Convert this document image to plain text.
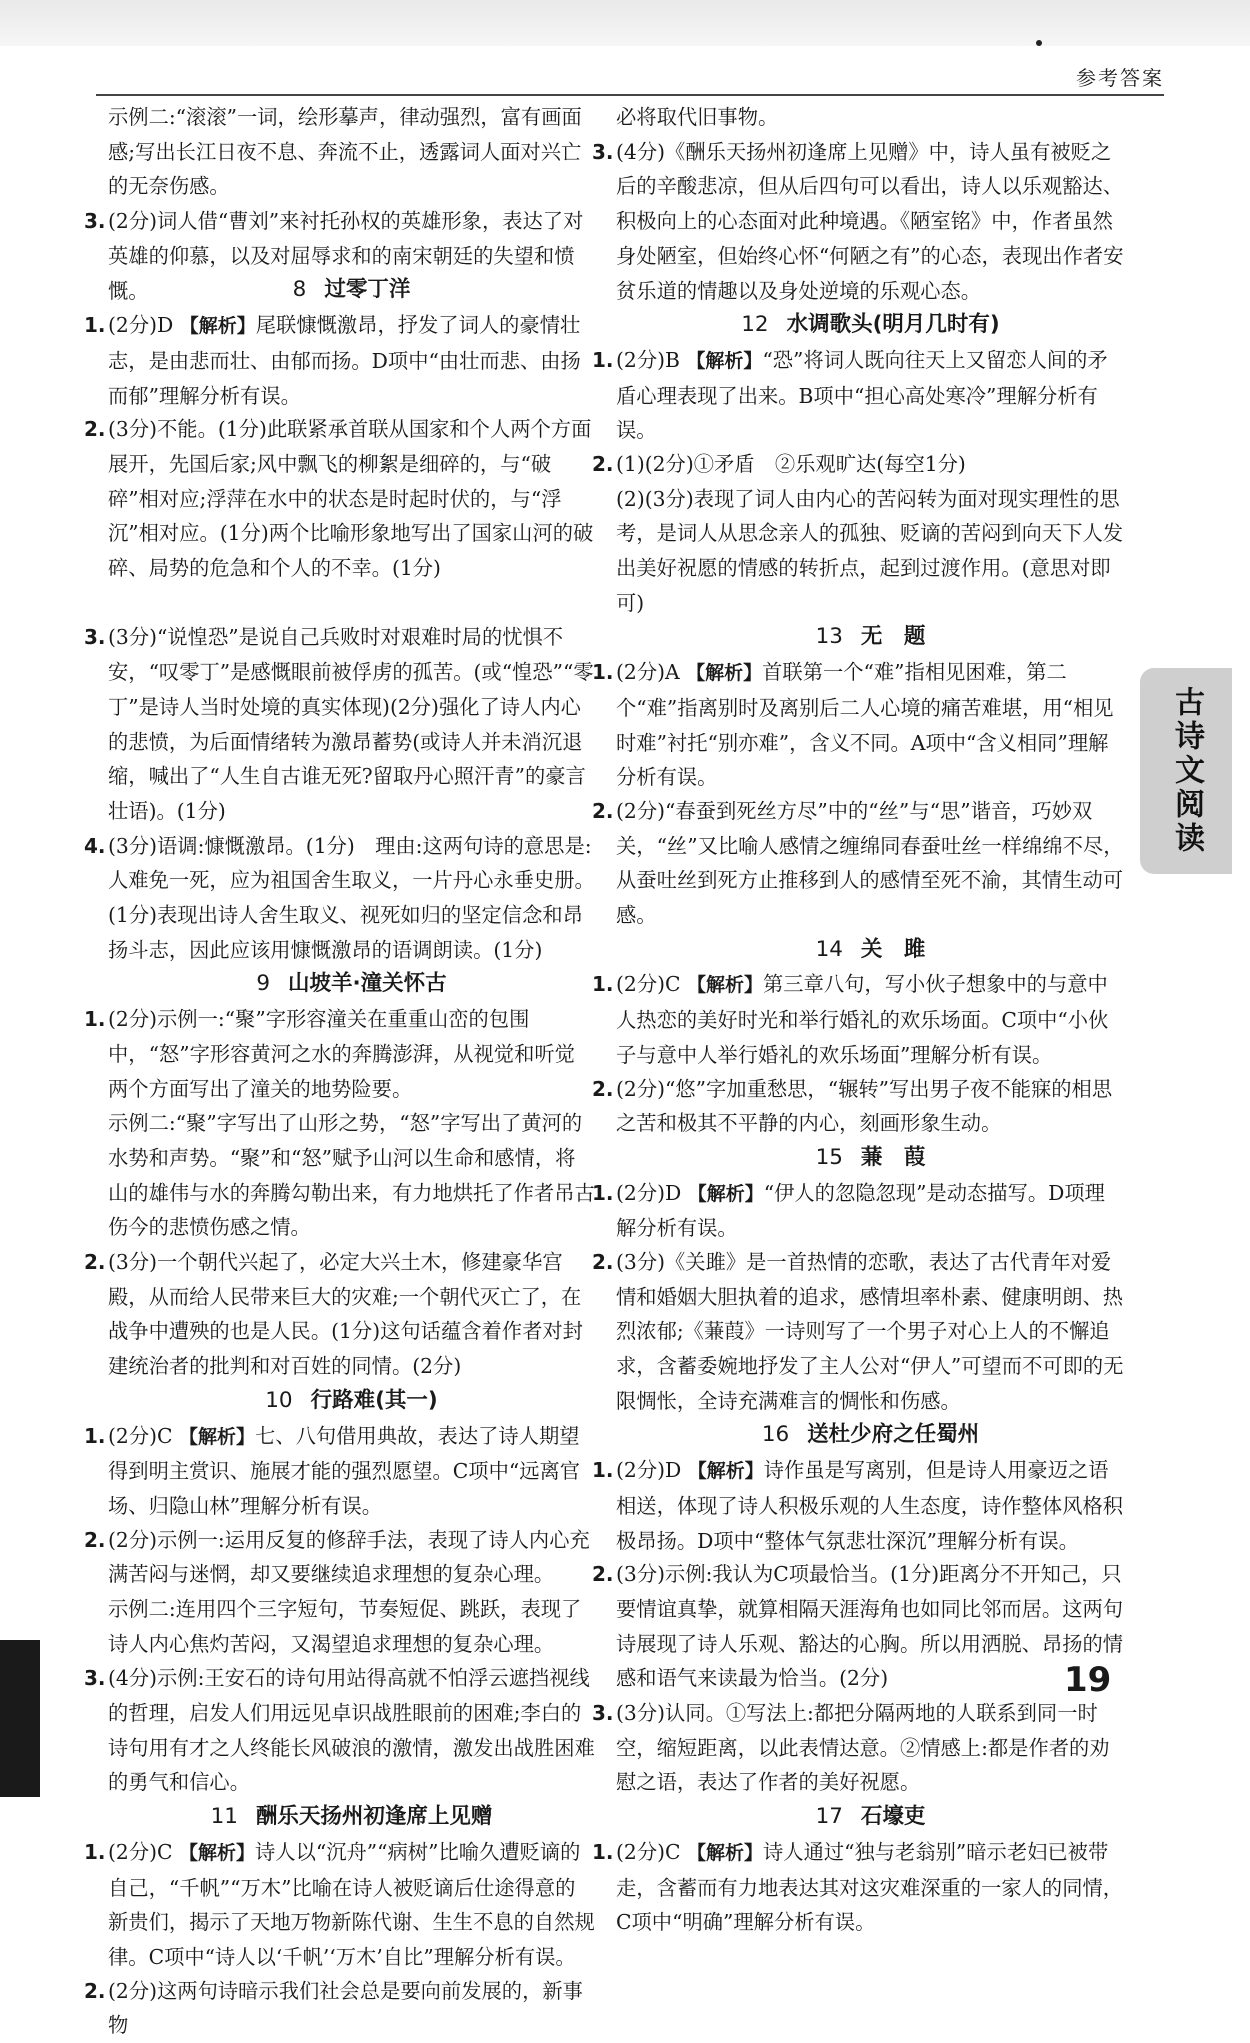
参考答案
示例二:“滚滚”一词，绘形摹声，律动强烈，富有画面感;写出长江日夜不息、奔流不止，透露词人面对兴亡的无奈伤感。
3. (2分)词人借“曹刘”来衬托孙权的英雄形象，表达了对英雄的仰慕，以及对屈辱求和的南宋朝廷的失望和愤慨。	8 过零丁洋
1. (2分)D 【解析】尾联慷慨激昂，抒发了词人的豪情壮志，是由悲而壮、由郁而扬。D项中“由壮而悲、由扬而郁”理解分析有误。
2. (3分)不能。(1分)此联紧承首联从国家和个人两个方面展开，先国后家;风中飘飞的柳絮是细碎的，与“破碎”相对应;浮萍在水中的状态是时起时伏的，与“浮沉”相对应。(1分)两个比喻形象地写出了国家山河的破碎、局势的危急和个人的不幸。(1分)
3. (3分)“说惶恐”是说自己兵败时对艰难时局的忧惧不安，“叹零丁”是感慨眼前被俘虏的孤苦。(或“惶恐”“零丁”是诗人当时处境的真实体现)(2分)强化了诗人内心的悲愤，为后面情绪转为激昂蓄势(或诗人并未消沉退缩，喊出了“人生自古谁无死?留取丹心照汗青”的豪言壮语)。(1分)
4. (3分)语调:慷慨激昂。(1分)　理由:这两句诗的意思是:人难免一死，应为祖国舍生取义，一片丹心永垂史册。(1分)表现出诗人舍生取义、视死如归的坚定信念和昂扬斗志，因此应该用慷慨激昂的语调朗读。(1分)
9 山坡羊·潼关怀古
1. (2分)示例一:“聚”字形容潼关在重重山峦的包围中，“怒”字形容黄河之水的奔腾澎湃，从视觉和听觉两个方面写出了潼关的地势险要。
示例二:“聚”字写出了山形之势，“怒”字写出了黄河的水势和声势。“聚”和“怒”赋予山河以生命和感情，将山的雄伟与水的奔腾勾勒出来，有力地烘托了作者吊古伤今的悲愤伤感之情。
2. (3分)一个朝代兴起了，必定大兴土木，修建豪华宫殿，从而给人民带来巨大的灾难;一个朝代灭亡了，在战争中遭殃的也是人民。(1分)这句话蕴含着作者对封建统治者的批判和对百姓的同情。(2分)
10 行路难(其一)
1. (2分)C 【解析】七、八句借用典故，表达了诗人期望得到明主赏识、施展才能的强烈愿望。C项中“远离官场、归隐山林”理解分析有误。
2. (2分)示例一:运用反复的修辞手法，表现了诗人内心充满苦闷与迷惘，却又要继续追求理想的复杂心理。
示例二:连用四个三字短句，节奏短促、跳跃，表现了诗人内心焦灼苦闷，又渴望追求理想的复杂心理。
3. (4分)示例:王安石的诗句用站得高就不怕浮云遮挡视线的哲理，启发人们用远见卓识战胜眼前的困难;李白的诗句用有才之人终能长风破浪的激情，激发出战胜困难的勇气和信心。
11 酬乐天扬州初逢席上见赠
1. (2分)C 【解析】诗人以“沉舟”“病树”比喻久遭贬谪的自己，“千帆”“万木”比喻在诗人被贬谪后仕途得意的新贵们，揭示了天地万物新陈代谢、生生不息的自然规律。C项中“诗人以‘千帆’‘万木’自比”理解分析有误。
2. (2分)这两句诗暗示我们社会总是要向前发展的，新事物
必将取代旧事物。
3. (4分)《酬乐天扬州初逢席上见赠》中，诗人虽有被贬之后的辛酸悲凉，但从后四句可以看出，诗人以乐观豁达、积极向上的心态面对此种境遇。《陋室铭》中，作者虽然身处陋室，但始终心怀“何陋之有”的心态，表现出作者安贫乐道的情趣以及身处逆境的乐观心态。
12 水调歌头(明月几时有)
1. (2分)B 【解析】“恐”将词人既向往天上又留恋人间的矛盾心理表现了出来。B项中“担心高处寒冷”理解分析有误。
2. (1)(2分)①矛盾　②乐观旷达(每空1分)
(2)(3分)表现了词人由内心的苦闷转为面对现实理性的思考，是词人从思念亲人的孤独、贬谪的苦闷到向天下人发出美好祝愿的情感的转折点，起到过渡作用。(意思对即可)
13 无　题
1. (2分)A 【解析】首联第一个“难”指相见困难，第二个“难”指离别时及离别后二人心境的痛苦难堪，用“相见时难”衬托“别亦难”，含义不同。A项中“含义相同”理解分析有误。
2. (2分)“春蚕到死丝方尽”中的“丝”与“思”谐音，巧妙双关，“丝”又比喻人感情之缠绵同春蚕吐丝一样绵绵不尽，从蚕吐丝到死方止推移到人的感情至死不渝，其情生动可感。
14 关　雎
1. (2分)C 【解析】第三章八句，写小伙子想象中的与意中人热恋的美好时光和举行婚礼的欢乐场面。C项中“小伙子与意中人举行婚礼的欢乐场面”理解分析有误。
2. (2分)“悠”字加重愁思，“辗转”写出男子夜不能寐的相思之苦和极其不平静的内心，刻画形象生动。
15 蒹　葭
1. (2分)D 【解析】“伊人的忽隐忽现”是动态描写。D项理解分析有误。
2. (3分)《关雎》是一首热情的恋歌，表达了古代青年对爱情和婚姻大胆执着的追求，感情坦率朴素、健康明朗、热烈浓郁;《蒹葭》一诗则写了一个男子对心上人的不懈追求，含蓄委婉地抒发了主人公对“伊人”可望而不可即的无限惆怅，全诗充满难言的惆怅和伤感。
16 送杜少府之任蜀州
1. (2分)D 【解析】诗作虽是写离别，但是诗人用豪迈之语相送，体现了诗人积极乐观的人生态度，诗作整体风格积极昂扬。D项中“整体气氛悲壮深沉”理解分析有误。
2. (3分)示例:我认为C项最恰当。(1分)距离分不开知己，只要情谊真挚，就算相隔天涯海角也如同比邻而居。这两句诗展现了诗人乐观、豁达的心胸。所以用洒脱、昂扬的情感和语气来读最为恰当。(2分)
3. (3分)认同。①写法上:都把分隔两地的人联系到同一时空，缩短距离，以此表情达意。②情感上:都是作者的劝慰之语，表达了作者的美好祝愿。
17 石壕吏
1. (2分)C 【解析】诗人通过“独与老翁别”暗示老妇已被带走，含蓄而有力地表达其对这灾难深重的一家人的同情，C项中“明确”理解分析有误。
古诗文阅读
19
